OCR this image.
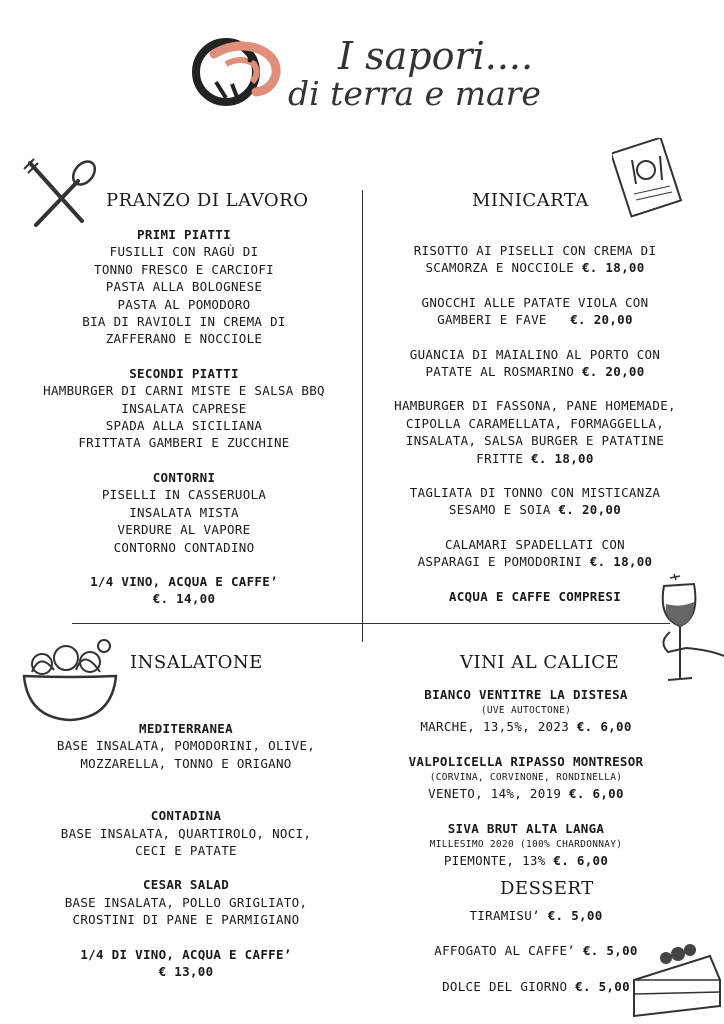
I sapori....
di terra e mare
PRANZO DI LAVORO
PRIMI PIATTI
FUSILLI CON RAGÙ DI
TONNO FRESCO E CARCIOFI
PASTA ALLA BOLOGNESE
PASTA AL POMODORO
BIA DI RAVIOLI IN CREMA DI
ZAFFERANO E NOCCIOLE
SECONDI PIATTI
HAMBURGER DI CARNI MISTE E SALSA BBQ
INSALATA CAPRESE
SPADA ALLA SICILIANA
FRITTATA GAMBERI E ZUCCHINE
CONTORNI
PISELLI IN CASSERUOLA
INSALATA MISTA
VERDURE AL VAPORE
CONTORNO CONTADINO
1/4 VINO, ACQUA E CAFFE’
€. 14,00
MINICARTA
RISOTTO AI PISELLI CON CREMA DI
SCAMORZA E NOCCIOLE €. 18,00
GNOCCHI ALLE PATATE VIOLA CON
GAMBERI E FAVE   €. 20,00
GUANCIA DI MAIALINO AL PORTO CON
PATATE AL ROSMARINO €. 20,00
HAMBURGER DI FASSONA, PANE HOMEMADE,
CIPOLLA CARAMELLATA, FORMAGGELLA,
INSALATA, SALSA BURGER E PATATINE
FRITTE €. 18,00
TAGLIATA DI TONNO CON MISTICANZA
SESAMO E SOIA €. 20,00
CALAMARI SPADELLATI CON
ASPARAGI E POMODORINI €. 18,00
ACQUA E CAFFE COMPRESI
INSALATONE
MEDITERRANEA
BASE INSALATA, POMODORINI, OLIVE,
MOZZARELLA, TONNO E ORIGANO
CONTADINA
BASE INSALATA, QUARTIROLO, NOCI,
CECI E PATATE
CESAR SALAD
BASE INSALATA, POLLO GRIGLIATO,
CROSTINI DI PANE E PARMIGIANO
1/4 DI VINO, ACQUA E CAFFE’
€ 13,00
VINI AL CALICE
BIANCO VENTITRE LA DISTESA
(UVE AUTOCTONE)
MARCHE, 13,5%, 2023 €. 6,00
VALPOLICELLA RIPASSO MONTRESOR
(CORVINA, CORVINONE, RONDINELLA)
VENETO, 14%, 2019 €. 6,00
SIVA BRUT ALTA LANGA
MILLESIMO 2020 (100% CHARDONNAY)
PIEMONTE, 13% €. 6,00
DESSERT
TIRAMISU’ €. 5,00
AFFOGATO AL CAFFE’ €. 5,00
DOLCE DEL GIORNO €. 5,00
